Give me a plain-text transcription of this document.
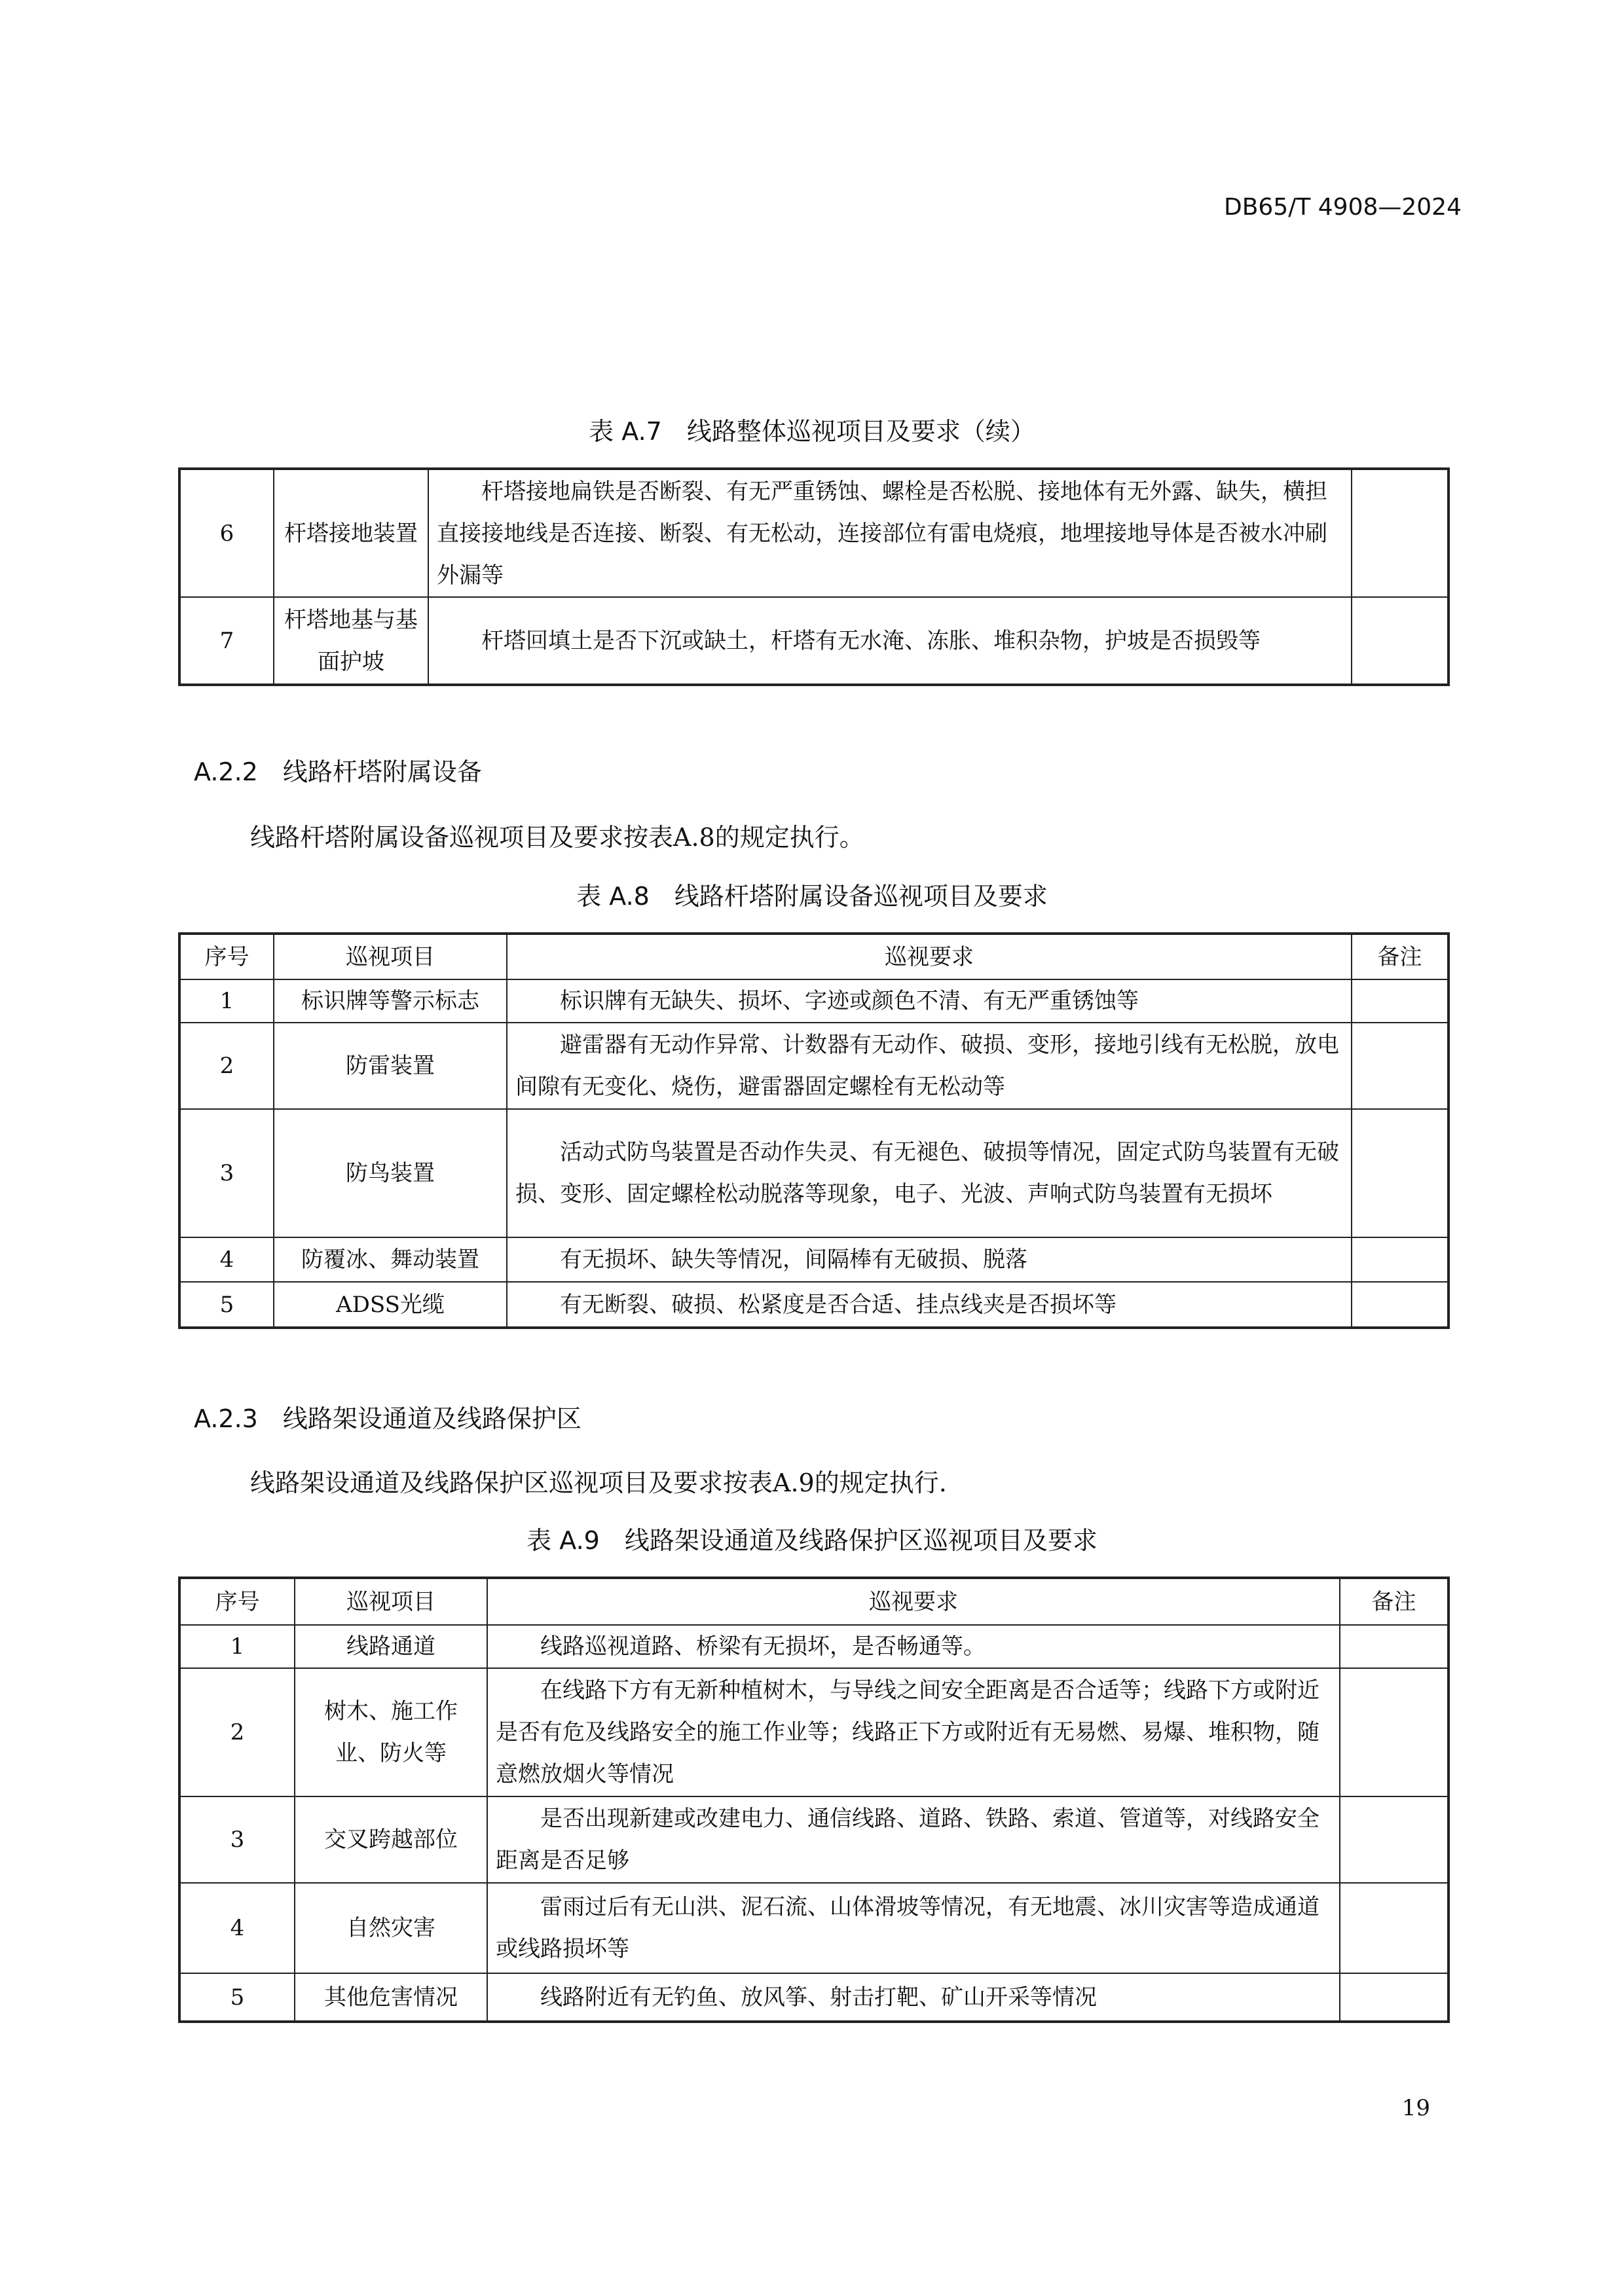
DB65/T 4908—2024
表 A.7　线路整体巡视项目及要求（续）
6	杆塔接地装置	杆塔接地扁铁是否断裂、有无严重锈蚀、螺栓是否松脱、接地体有无外露、缺失，横担直接接地线是否连接、断裂、有无松动，连接部位有雷电烧痕，地埋接地导体是否被水冲刷外漏等	
7	杆塔地基与基面护坡	杆塔回填土是否下沉或缺土，杆塔有无水淹、冻胀、堆积杂物，护坡是否损毁等	
A.2.2　线路杆塔附属设备
线路杆塔附属设备巡视项目及要求按表A.8的规定执行。
表 A.8　线路杆塔附属设备巡视项目及要求
序号	巡视项目	巡视要求	备注
1	标识牌等警示标志	标识牌有无缺失、损坏、字迹或颜色不清、有无严重锈蚀等	
2	防雷装置	避雷器有无动作异常、计数器有无动作、破损、变形，接地引线有无松脱，放电间隙有无变化、烧伤，避雷器固定螺栓有无松动等	
3	防鸟装置	活动式防鸟装置是否动作失灵、有无褪色、破损等情况，固定式防鸟装置有无破损、变形、固定螺栓松动脱落等现象，电子、光波、声响式防鸟装置有无损坏	
4	防覆冰、舞动装置	有无损坏、缺失等情况，间隔棒有无破损、脱落	
5	ADSS光缆	有无断裂、破损、松紧度是否合适、挂点线夹是否损坏等	
A.2.3　线路架设通道及线路保护区
线路架设通道及线路保护区巡视项目及要求按表A.9的规定执行.
表 A.9　线路架设通道及线路保护区巡视项目及要求
序号	巡视项目	巡视要求	备注
1	线路通道	线路巡视道路、桥梁有无损坏，是否畅通等。	
2	树木、施工作业、防火等	在线路下方有无新种植树木，与导线之间安全距离是否合适等；线路下方或附近是否有危及线路安全的施工作业等；线路正下方或附近有无易燃、易爆、堆积物，随意燃放烟火等情况	
3	交叉跨越部位	是否出现新建或改建电力、通信线路、道路、铁路、索道、管道等，对线路安全距离是否足够	
4	自然灾害	雷雨过后有无山洪、泥石流、山体滑坡等情况，有无地震、冰川灾害等造成通道或线路损坏等	
5	其他危害情况	线路附近有无钓鱼、放风筝、射击打靶、矿山开采等情况	
19
